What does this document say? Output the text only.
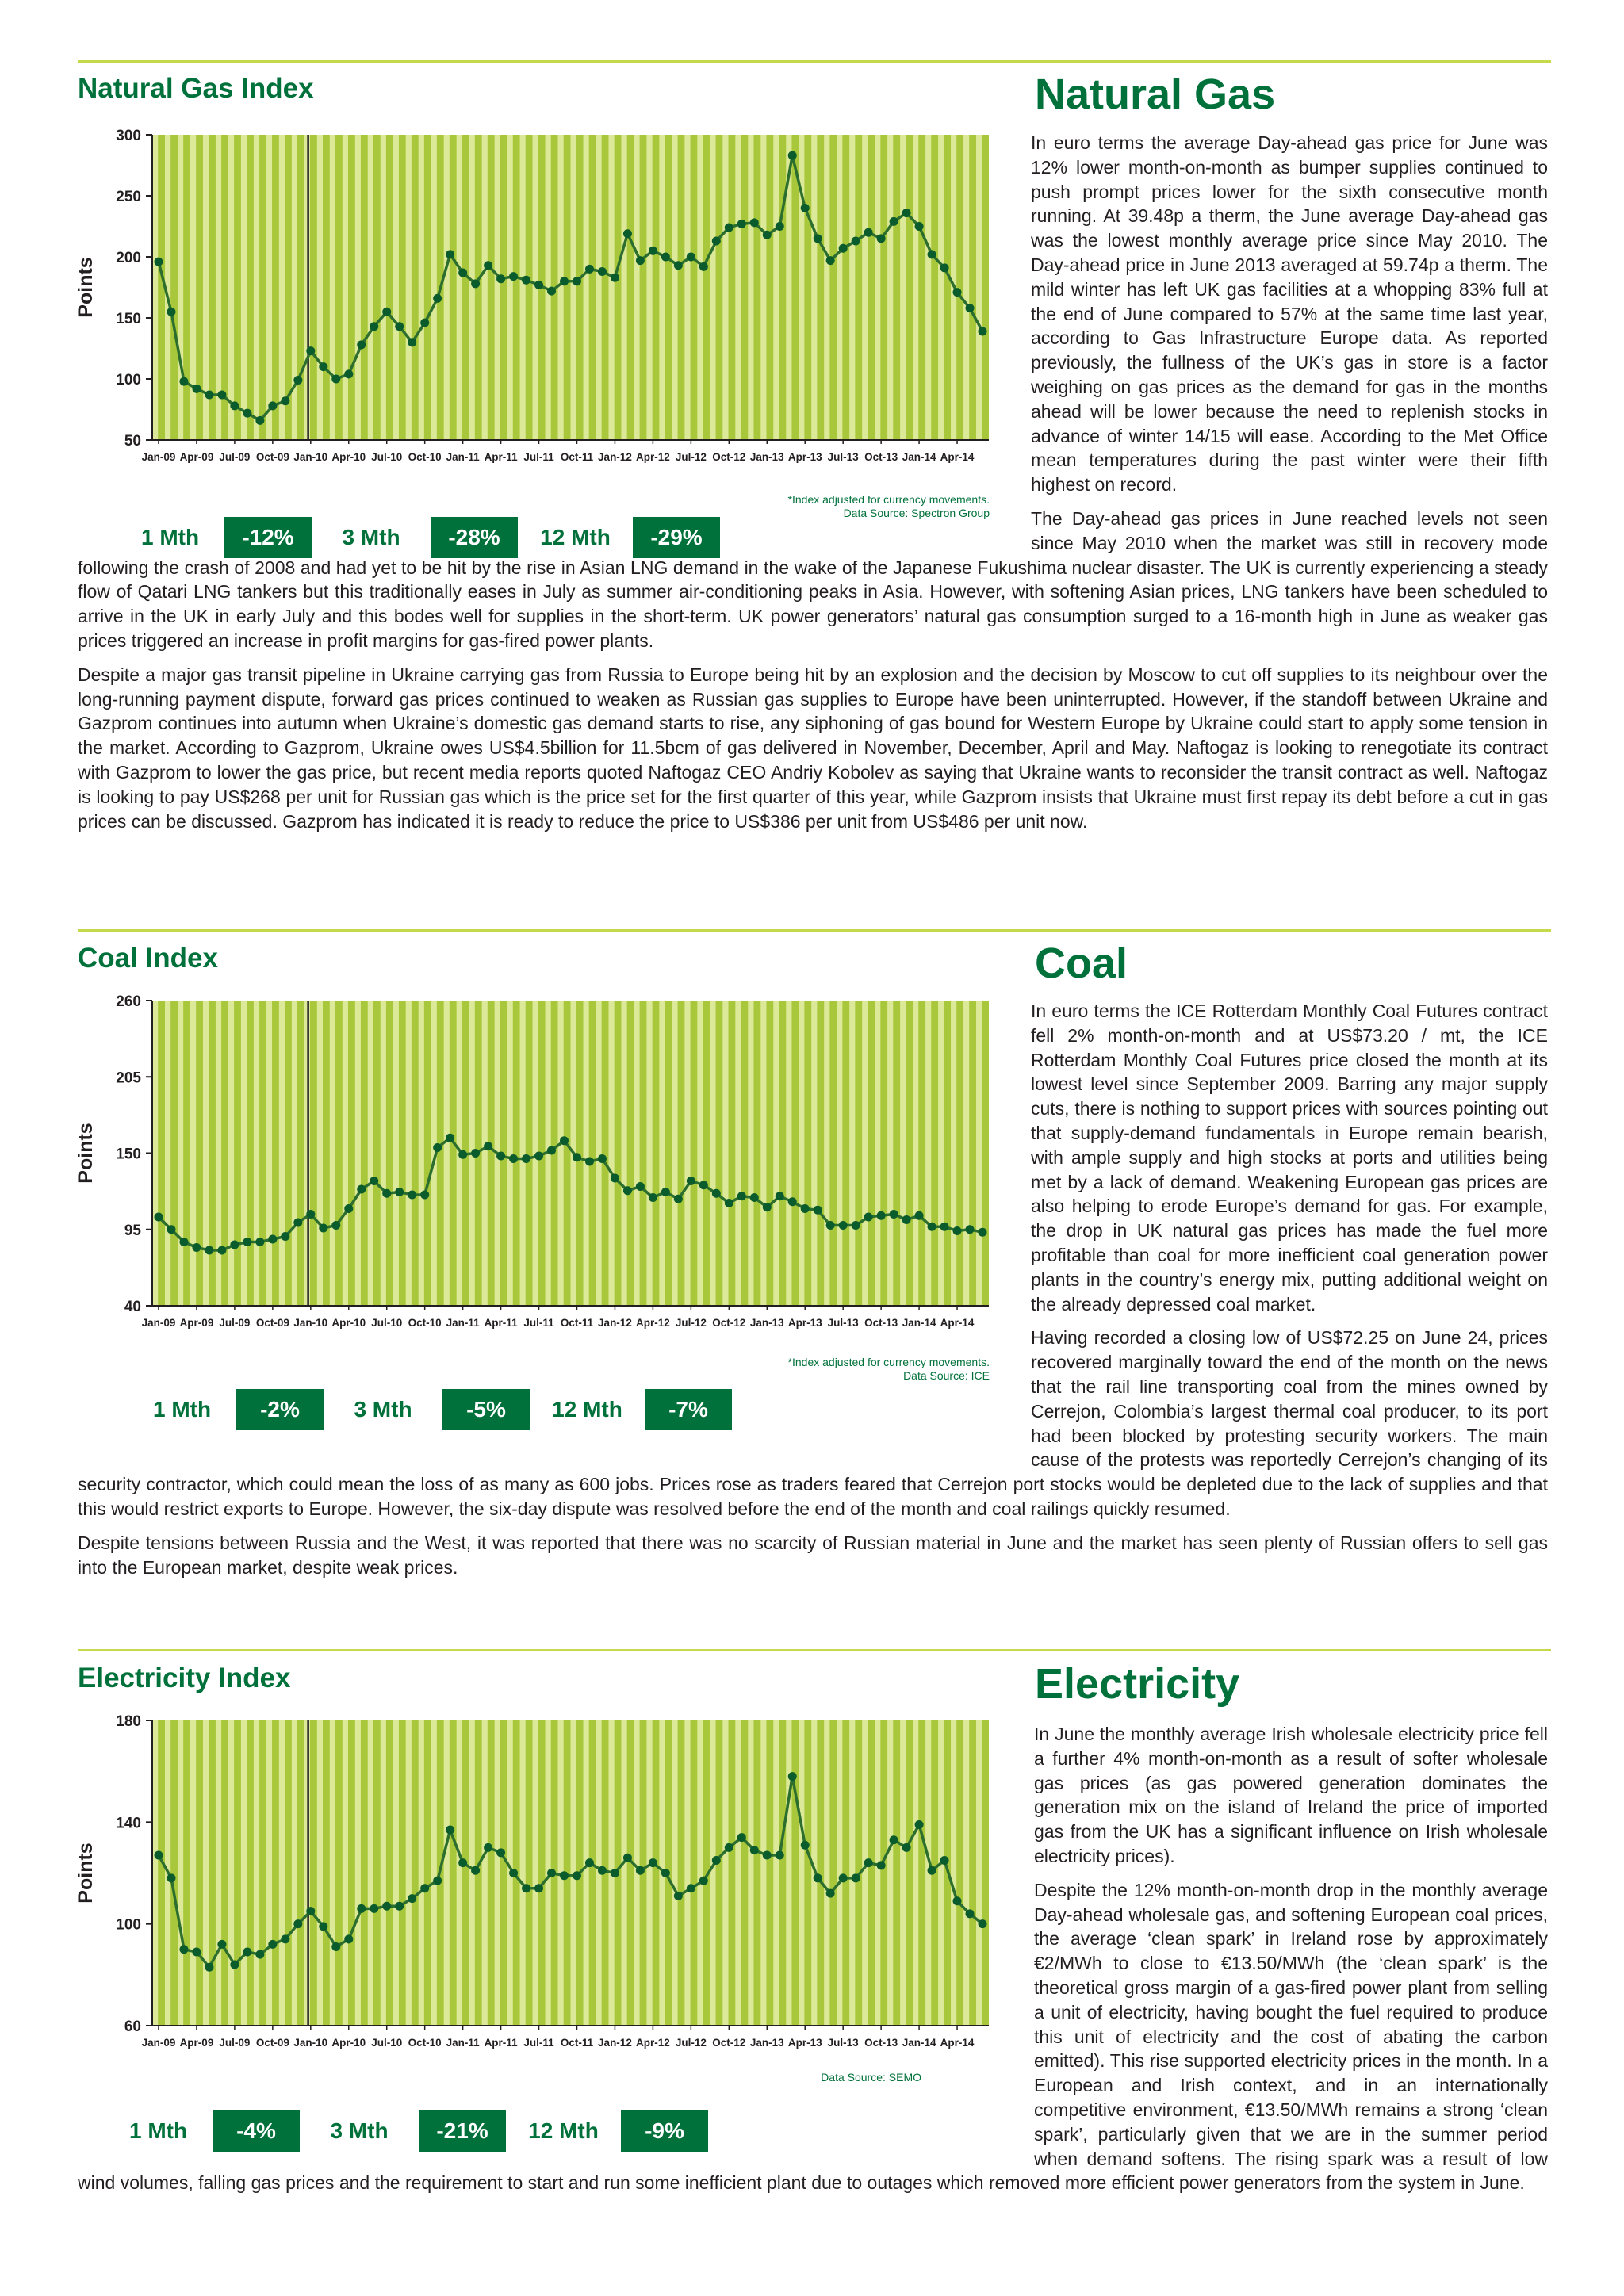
Natural Gas Index	Natural Gas
300
250
200
150
100
50
Points
Jan-09 Apr-09 Jul-09 Oct-09 Jan-10 Apr-10 Jul-10 Oct-10 Jan-11 Apr-11 Jul-11 Oct-11 Jan-12 Apr-12 Jul-12 Oct-12 Jan-13 Apr-13 Jul-13 Oct-13 Jan-14 Apr-14
*Index adjusted for currency movements.
Data Source: Spectron Group
1 Mth	-12%	3 Mth	-28%	12 Mth	-29%

In euro terms the average Day-ahead gas price for June was 12% lower month-on-month as bumper supplies continued to push prompt prices lower for the sixth consecutive month running. At 39.48p a therm, the June average Day-ahead gas was the lowest monthly average price since May 2010. The Day-ahead price in June 2013 averaged at 59.74p a therm. The mild winter has left UK gas facilities at a whopping 83% full at the end of June compared to 57% at the same time last year, according to Gas Infrastructure Europe data. As reported previously, the fullness of the UK’s gas in store is a factor weighing on gas prices as the demand for gas in the months ahead will be lower because the need to replenish stocks in advance of winter 14/15 will ease. According to the Met Office mean temperatures during the past winter were their fifth highest on record.

The Day-ahead gas prices in June reached levels not seen since May 2010 when the market was still in recovery mode following the crash of 2008 and had yet to be hit by the rise in Asian LNG demand in the wake of the Japanese Fukushima nuclear disaster. The UK is currently experiencing a steady flow of Qatari LNG tankers but this traditionally eases in July as summer air-conditioning peaks in Asia. However, with softening Asian prices, LNG tankers have been scheduled to arrive in the UK in early July and this bodes well for supplies in the short-term. UK power generators’ natural gas consumption surged to a 16-month high in June as weaker gas prices triggered an increase in profit margins for gas-fired power plants.

Despite a major gas transit pipeline in Ukraine carrying gas from Russia to Europe being hit by an explosion and the decision by Moscow to cut off supplies to its neighbour over the long-running payment dispute, forward gas prices continued to weaken as Russian gas supplies to Europe have been uninterrupted. However, if the standoff between Ukraine and Gazprom continues into autumn when Ukraine’s domestic gas demand starts to rise, any siphoning of gas bound for Western Europe by Ukraine could start to apply some tension in the market. According to Gazprom, Ukraine owes US$4.5billion for 11.5bcm of gas delivered in November, December, April and May. Naftogaz is looking to renegotiate its contract with Gazprom to lower the gas price, but recent media reports quoted Naftogaz CEO Andriy Kobolev as saying that Ukraine wants to reconsider the transit contract as well. Naftogaz is looking to pay US$268 per unit for Russian gas which is the price set for the first quarter of this year, while Gazprom insists that Ukraine must first repay its debt before a cut in gas prices can be discussed. Gazprom has indicated it is ready to reduce the price to US$386 per unit from US$486 per unit now.

Coal Index	Coal
260
205
150
95
40
Points
Jan-09 Apr-09 Jul-09 Oct-09 Jan-10 Apr-10 Jul-10 Oct-10 Jan-11 Apr-11 Jul-11 Oct-11 Jan-12 Apr-12 Jul-12 Oct-12 Jan-13 Apr-13 Jul-13 Oct-13 Jan-14 Apr-14
*Index adjusted for currency movements.
Data Source: ICE
1 Mth	-2%	3 Mth	-5%	12 Mth	-7%

In euro terms the ICE Rotterdam Monthly Coal Futures contract fell 2% month-on-month and at US$73.20 / mt, the ICE Rotterdam Monthly Coal Futures price closed the month at its lowest level since September 2009. Barring any major supply cuts, there is nothing to support prices with sources pointing out that supply-demand fundamentals in Europe remain bearish, with ample supply and high stocks at ports and utilities being met by a lack of demand. Weakening European gas prices are also helping to erode Europe’s demand for gas. For example, the drop in UK natural gas prices has made the fuel more profitable than coal for more inefficient coal generation power plants in the country’s energy mix, putting additional weight on the already depressed coal market.

Having recorded a closing low of US$72.25 on June 24, prices recovered marginally toward the end of the month on the news that the rail line transporting coal from the mines owned by Cerrejon, Colombia’s largest thermal coal producer, to its port had been blocked by protesting security workers. The main cause of the protests was reportedly Cerrejon’s changing of its security contractor, which could mean the loss of as many as 600 jobs. Prices rose as traders feared that Cerrejon port stocks would be depleted due to the lack of supplies and that this would restrict exports to Europe. However, the six-day dispute was resolved before the end of the month and coal railings quickly resumed.

Despite tensions between Russia and the West, it was reported that there was no scarcity of Russian material in June and the market has seen plenty of Russian offers to sell gas into the European market, despite weak prices.

Electricity Index	Electricity
180
140
100
60
Points
Jan-09 Apr-09 Jul-09 Oct-09 Jan-10 Apr-10 Jul-10 Oct-10 Jan-11 Apr-11 Jul-11 Oct-11 Jan-12 Apr-12 Jul-12 Oct-12 Jan-13 Apr-13 Jul-13 Oct-13 Jan-14 Apr-14
Data Source: SEMO
1 Mth	-4%	3 Mth	-21%	12 Mth	-9%

In June the monthly average Irish wholesale electricity price fell a further 4% month-on-month as a result of softer wholesale gas prices (as gas powered generation dominates the generation mix on the island of Ireland the price of imported gas from the UK has a significant influence on Irish wholesale electricity prices).

Despite the 12% month-on-month drop in the monthly average Day-ahead wholesale gas, and softening European coal prices, the average ‘clean spark’ in Ireland rose by approximately €2/MWh to close to €13.50/MWh (the ‘clean spark’ is the theoretical gross margin of a gas-fired power plant from selling a unit of electricity, having bought the fuel required to produce this unit of electricity and the cost of abating the carbon emitted). This rise supported electricity prices in the month. In a European and Irish context, and in an internationally competitive environment, €13.50/MWh remains a strong ‘clean spark’, particularly given that we are in the summer period when demand softens. The rising spark was a result of low wind volumes, falling gas prices and the requirement to start and run some inefficient plant due to outages which removed more efficient power generators from the system in June.
